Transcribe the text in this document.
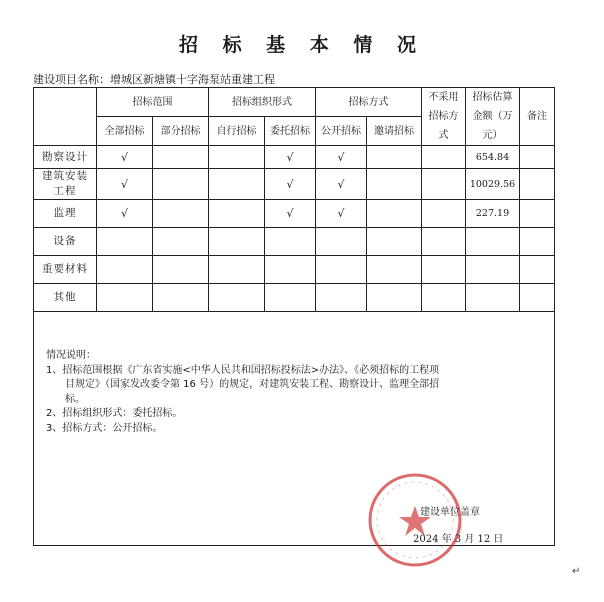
招 标 基 本 情 况
建设项目名称：增城区新塘镇十字海泵站重建工程
	招标范围		招标组织形式		招标方式		不采用招标方式	招标估算金额（万元）	备注
	全部招标	部分招标	自行招标	委托招标	公开招标	邀请招标			
勘察设计	√			√	√			654.84	
建筑安装工程	√			√	√			10029.56	
监理	√			√	√			227.19	
设备									
重要材料									
其他									

情况说明：

1、招标范围根据《广东省实施<中华人民共和国招标投标法>办法》、《必须招标的工程项

目规定》（国家发改委令第 16 号）的规定，对建筑安装工程、勘察设计、监理全部招

标。

2、招标组织形式：委托招标。

3、招标方式：公开招标。

建设单位盖章
2024 年 3 月 12 日
↵
